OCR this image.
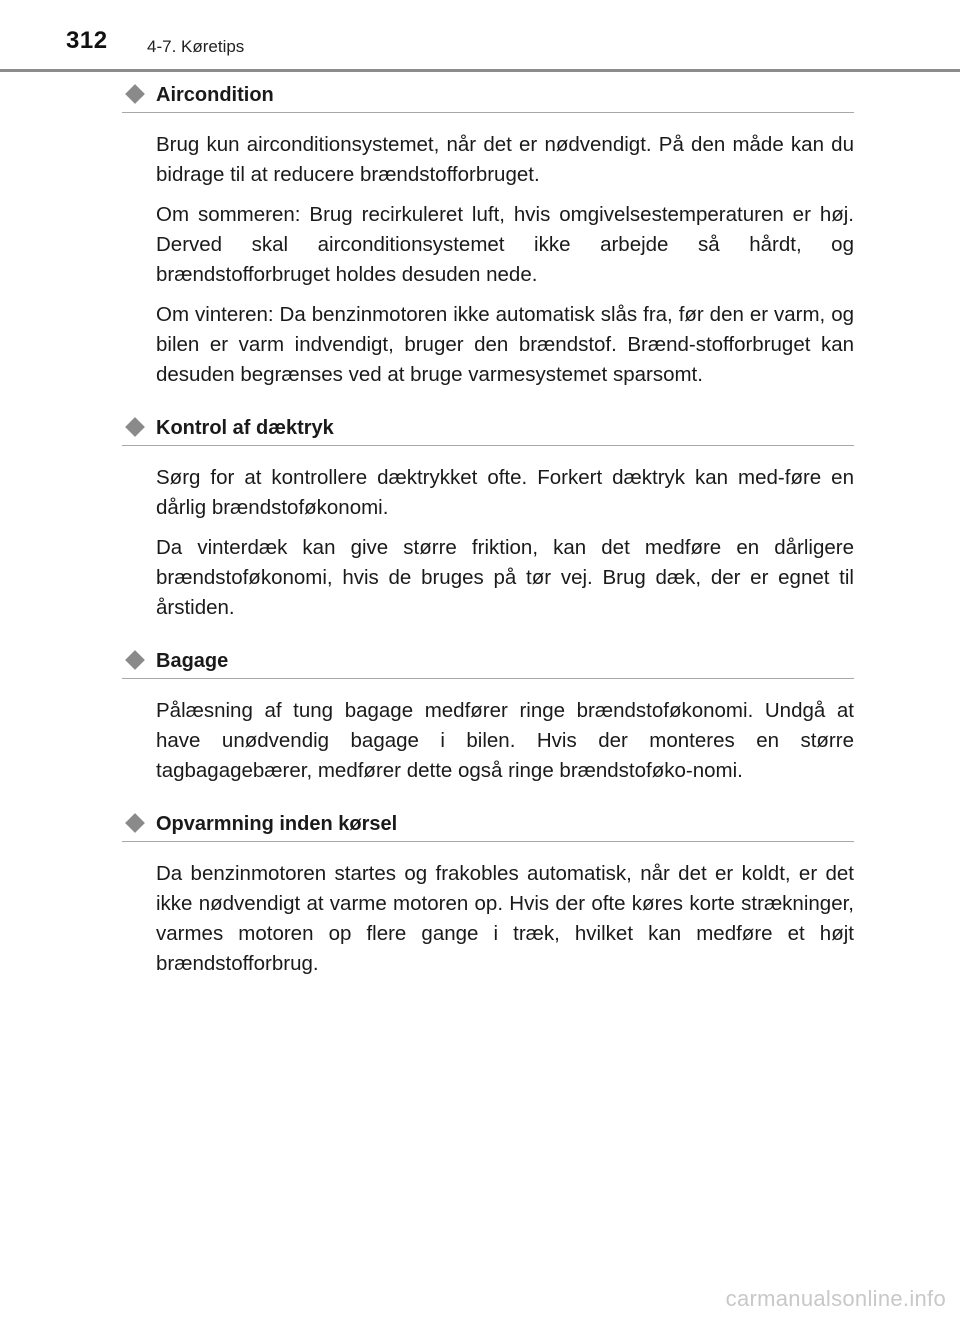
312 4-7. Køretips
Aircondition

Brug kun airconditionsystemet, når det er nødvendigt. På den måde kan du bidrage til at reducere brændstofforbruget.

Om sommeren: Brug recirkuleret luft, hvis omgivelsestemperaturen er høj. Derved skal airconditionsystemet ikke arbejde så hårdt, og brændstofforbruget holdes desuden nede.

Om vinteren: Da benzinmotoren ikke automatisk slås fra, før den er varm, og bilen er varm indvendigt, bruger den brændstof. Brænd-stofforbruget kan desuden begrænses ved at bruge varmesystemet sparsomt.

Kontrol af dæktryk

Sørg for at kontrollere dæktrykket ofte. Forkert dæktryk kan med-føre en dårlig brændstoføkonomi.

Da vinterdæk kan give større friktion, kan det medføre en dårligere brændstoføkonomi, hvis de bruges på tør vej. Brug dæk, der er egnet til årstiden.

Bagage

Pålæsning af tung bagage medfører ringe brændstoføkonomi. Undgå at have unødvendig bagage i bilen. Hvis der monteres en større tagbagagebærer, medfører dette også ringe brændstoføko-nomi.

Opvarmning inden kørsel

Da benzinmotoren startes og frakobles automatisk, når det er koldt, er det ikke nødvendigt at varme motoren op. Hvis der ofte køres korte strækninger, varmes motoren op flere gange i træk, hvilket kan medføre et højt brændstofforbrug.

carmanualsonline.info
